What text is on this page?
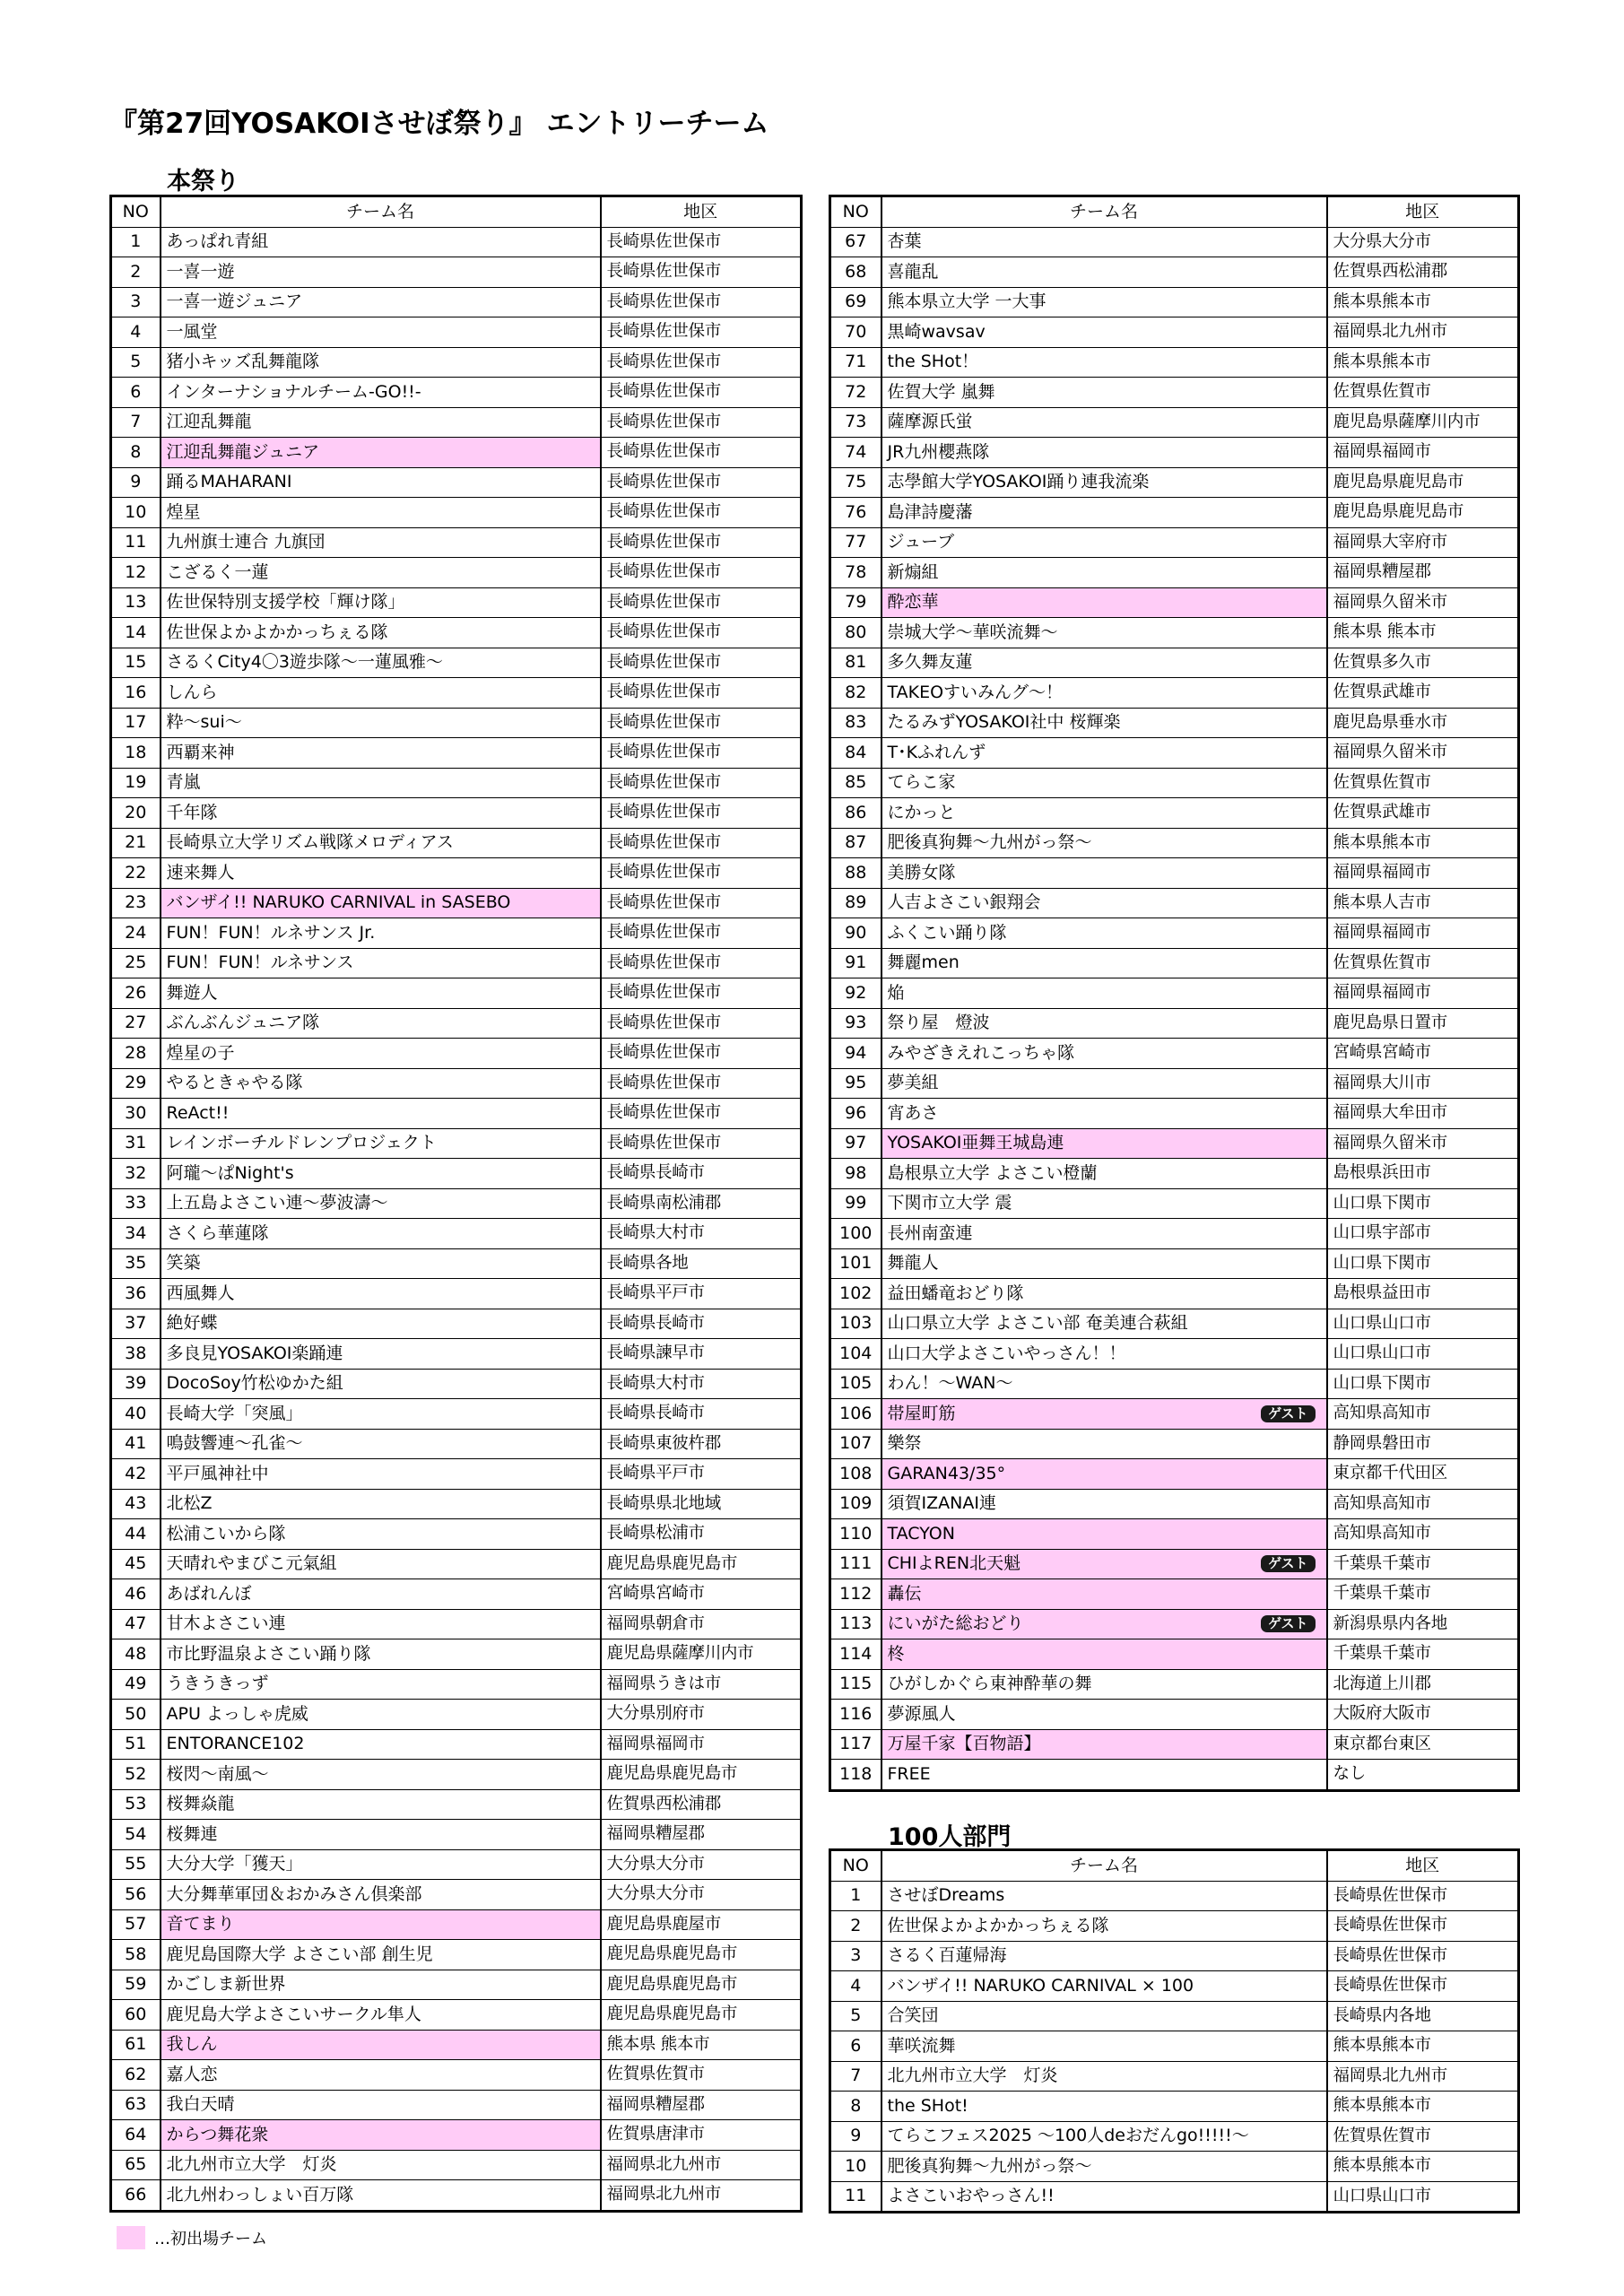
『第27回YOSAKOIさせぼ祭り』 エントリーチーム
本祭り
NO	チーム名	地区
1	あっぱれ青組	長崎県佐世保市
2	一喜一遊	長崎県佐世保市
3	一喜一遊ジュニア	長崎県佐世保市
4	一風堂	長崎県佐世保市
5	猪小キッズ乱舞龍隊	長崎県佐世保市
6	インターナショナルチーム-GO!!-	長崎県佐世保市
7	江迎乱舞龍	長崎県佐世保市
8	江迎乱舞龍ジュニア	長崎県佐世保市
9	踊るMAHARANI	長崎県佐世保市
10	煌星	長崎県佐世保市
11	九州旗士連合 九旗団	長崎県佐世保市
12	こざるく一蓮	長崎県佐世保市
13	佐世保特別支援学校「輝け隊」	長崎県佐世保市
14	佐世保よかよかかっちぇる隊	長崎県佐世保市
15	さるくCity4〇3遊歩隊～一蓮風雅～	長崎県佐世保市
16	しんら	長崎県佐世保市
17	粋～sui～	長崎県佐世保市
18	西覇来神	長崎県佐世保市
19	青嵐	長崎県佐世保市
20	千年隊	長崎県佐世保市
21	長崎県立大学リズム戦隊メロディアス	長崎県佐世保市
22	速来舞人	長崎県佐世保市
23	バンザイ!! NARUKO CARNIVAL in SASEBO	長崎県佐世保市
24	FUN！FUN！ルネサンス Jr.	長崎県佐世保市
25	FUN！FUN！ルネサンス	長崎県佐世保市
26	舞遊人	長崎県佐世保市
27	ぶんぶんジュニア隊	長崎県佐世保市
28	煌星の子	長崎県佐世保市
29	やるときゃやる隊	長崎県佐世保市
30	ReAct!!	長崎県佐世保市
31	レインボーチルドレンプロジェクト	長崎県佐世保市
32	阿瓏～ぱNight's	長崎県長崎市
33	上五島よさこい連～夢波濤～	長崎県南松浦郡
34	さくら華蓮隊	長崎県大村市
35	笑築	長崎県各地
36	西風舞人	長崎県平戸市
37	絶好蝶	長崎県長崎市
38	多良見YOSAKOI楽踊連	長崎県諫早市
39	DocoSoy竹松ゆかた組	長崎県大村市
40	長崎大学「突風」	長崎県長崎市
41	鳴鼓響連～孔雀～	長崎県東彼杵郡
42	平戸風神社中	長崎県平戸市
43	北松Z	長崎県県北地域
44	松浦こいから隊	長崎県松浦市
45	天晴れやまびこ元氣組	鹿児島県鹿児島市
46	あばれんぼ	宮崎県宮崎市
47	甘木よさこい連	福岡県朝倉市
48	市比野温泉よさこい踊り隊	鹿児島県薩摩川内市
49	うきうきっず	福岡県うきは市
50	APU よっしゃ虎威	大分県別府市
51	ENTORANCE102	福岡県福岡市
52	桜閃～南風～	鹿児島県鹿児島市
53	桜舞焱龍	佐賀県西松浦郡
54	桜舞連	福岡県糟屋郡
55	大分大学「獲天」	大分県大分市
56	大分舞華軍団＆おかみさん倶楽部	大分県大分市
57	音てまり	鹿児島県鹿屋市
58	鹿児島国際大学 よさこい部 創生児	鹿児島県鹿児島市
59	かごしま新世界	鹿児島県鹿児島市
60	鹿児島大学よさこいサークル隼人	鹿児島県鹿児島市
61	我しん	熊本県 熊本市
62	嘉人恋	佐賀県佐賀市
63	我白天晴	福岡県糟屋郡
64	からつ舞花衆	佐賀県唐津市
65	北九州市立大学　灯炎	福岡県北九州市
66	北九州わっしょい百万隊	福岡県北九州市
NO	チーム名	地区
67	杏葉	大分県大分市
68	喜龍乱	佐賀県西松浦郡
69	熊本県立大学 一大事	熊本県熊本市
70	黒崎wavsav	福岡県北九州市
71	the SHot！	熊本県熊本市
72	佐賀大学 嵐舞	佐賀県佐賀市
73	薩摩源氏蛍	鹿児島県薩摩川内市
74	JR九州櫻燕隊	福岡県福岡市
75	志學館大学YOSAKOI踊り連我流楽	鹿児島県鹿児島市
76	島津詩慶藩	鹿児島県鹿児島市
77	ジューブ	福岡県大宰府市
78	新煽組	福岡県糟屋郡
79	酔恋華	福岡県久留米市
80	崇城大学～華咲流舞～	熊本県 熊本市
81	多久舞友蓮	佐賀県多久市
82	TAKEOすいみんグ～！	佐賀県武雄市
83	たるみずYOSAKOI社中 桜輝楽	鹿児島県垂水市
84	T･Kふれんず	福岡県久留米市
85	てらこ家	佐賀県佐賀市
86	にかっと	佐賀県武雄市
87	肥後真狗舞～九州がっ祭～	熊本県熊本市
88	美勝女隊	福岡県福岡市
89	人吉よさこい銀翔会	熊本県人吉市
90	ふくこい踊り隊	福岡県福岡市
91	舞麗men	佐賀県佐賀市
92	焔	福岡県福岡市
93	祭り屋　燈波	鹿児島県日置市
94	みやざきえれこっちゃ隊	宮崎県宮崎市
95	夢美組	福岡県大川市
96	宵あさ	福岡県大牟田市
97	YOSAKOI亜舞王城島連	福岡県久留米市
98	島根県立大学 よさこい橙蘭	島根県浜田市
99	下関市立大学 震	山口県下関市
100	長州南蛮連	山口県宇部市
101	舞龍人	山口県下関市
102	益田蟠竜おどり隊	島根県益田市
103	山口県立大学 よさこい部 奄美連合萩組	山口県山口市
104	山口大学よさこいやっさん！！	山口県山口市
105	わん！～WAN～	山口県下関市
106	帯屋町筋 ゲスト	高知県高知市
107	樂祭	静岡県磐田市
108	GARAN43/35°	東京都千代田区
109	須賀IZANAI連	高知県高知市
110	TACYON	高知県高知市
111	CHIよREN北天魁 ゲスト	千葉県千葉市
112	轟伝	千葉県千葉市
113	にいがた総おどり ゲスト	新潟県県内各地
114	柊	千葉県千葉市
115	ひがしかぐら東神酔華の舞	北海道上川郡
116	夢源風人	大阪府大阪市
117	万屋千家【百物語】	東京都台東区
118	FREE	なし
100人部門
NO	チーム名	地区
1	させぼDreams	長崎県佐世保市
2	佐世保よかよかかっちぇる隊	長崎県佐世保市
3	さるく百蓮帰海	長崎県佐世保市
4	バンザイ!! NARUKO CARNIVAL × 100	長崎県佐世保市
5	合笑団	長崎県内各地
6	華咲流舞	熊本県熊本市
7	北九州市立大学　灯炎	福岡県北九州市
8	the SHot!	熊本県熊本市
9	てらこフェス2025 ～100人deおだんgo!!!!!～	佐賀県佐賀市
10	肥後真狗舞～九州がっ祭～	熊本県熊本市
11	よさこいおやっさん!!	山口県山口市
…初出場チーム
